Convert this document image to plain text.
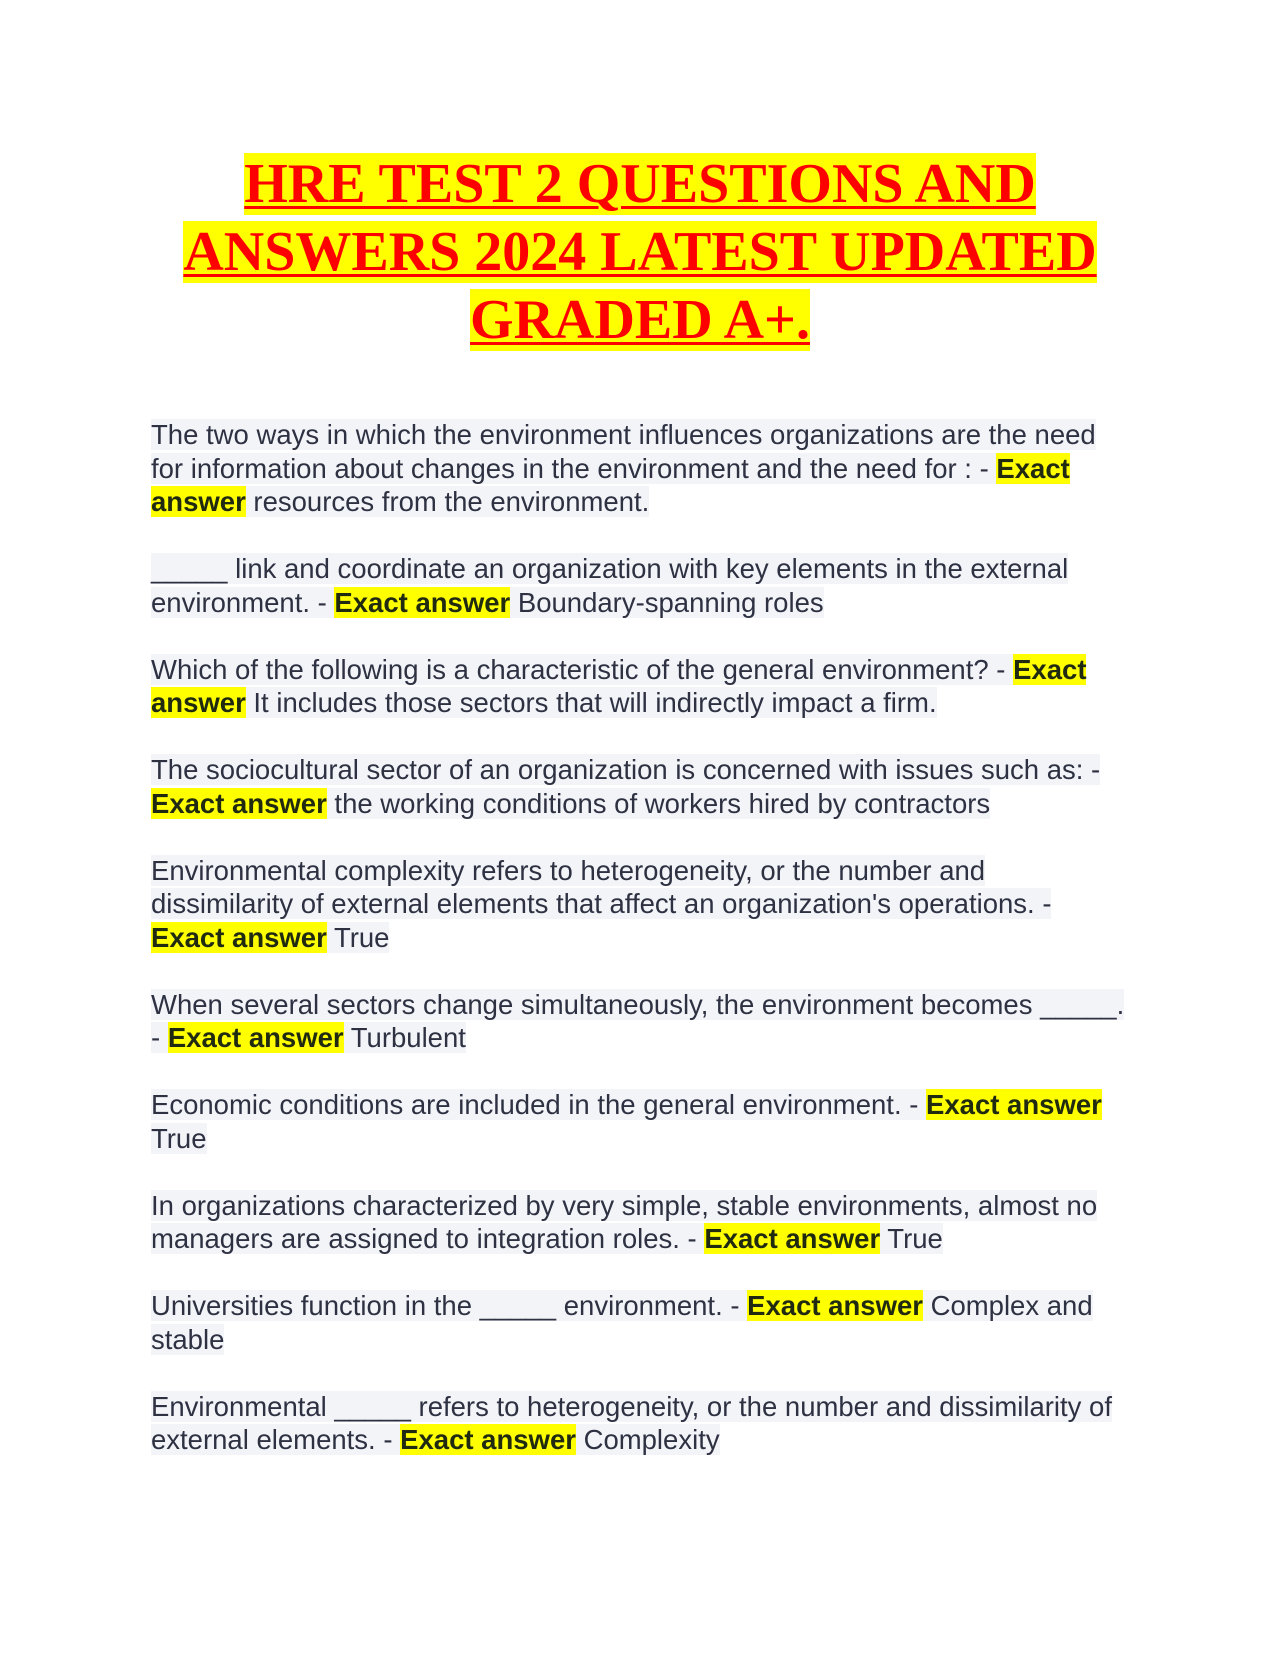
HRE TEST 2 QUESTIONS AND ANSWERS 2024 LATEST UPDATED GRADED A+.

The two ways in which the environment influences organizations are the need for information about changes in the environment and the need for : - Exact answer resources from the environment.

_____ link and coordinate an organization with key elements in the external environment. - Exact answer Boundary-spanning roles

Which of the following is a characteristic of the general environment? - Exact answer It includes those sectors that will indirectly impact a firm.

The sociocultural sector of an organization is concerned with issues such as: - Exact answer the working conditions of workers hired by contractors

Environmental complexity refers to heterogeneity, or the number and dissimilarity of external elements that affect an organization's operations. - Exact answer True

When several sectors change simultaneously, the environment becomes _____. - Exact answer Turbulent

Economic conditions are included in the general environment. - Exact answer True

In organizations characterized by very simple, stable environments, almost no managers are assigned to integration roles. - Exact answer True

Universities function in the _____ environment. - Exact answer Complex and stable

Environmental _____ refers to heterogeneity, or the number and dissimilarity of external elements. - Exact answer Complexity
